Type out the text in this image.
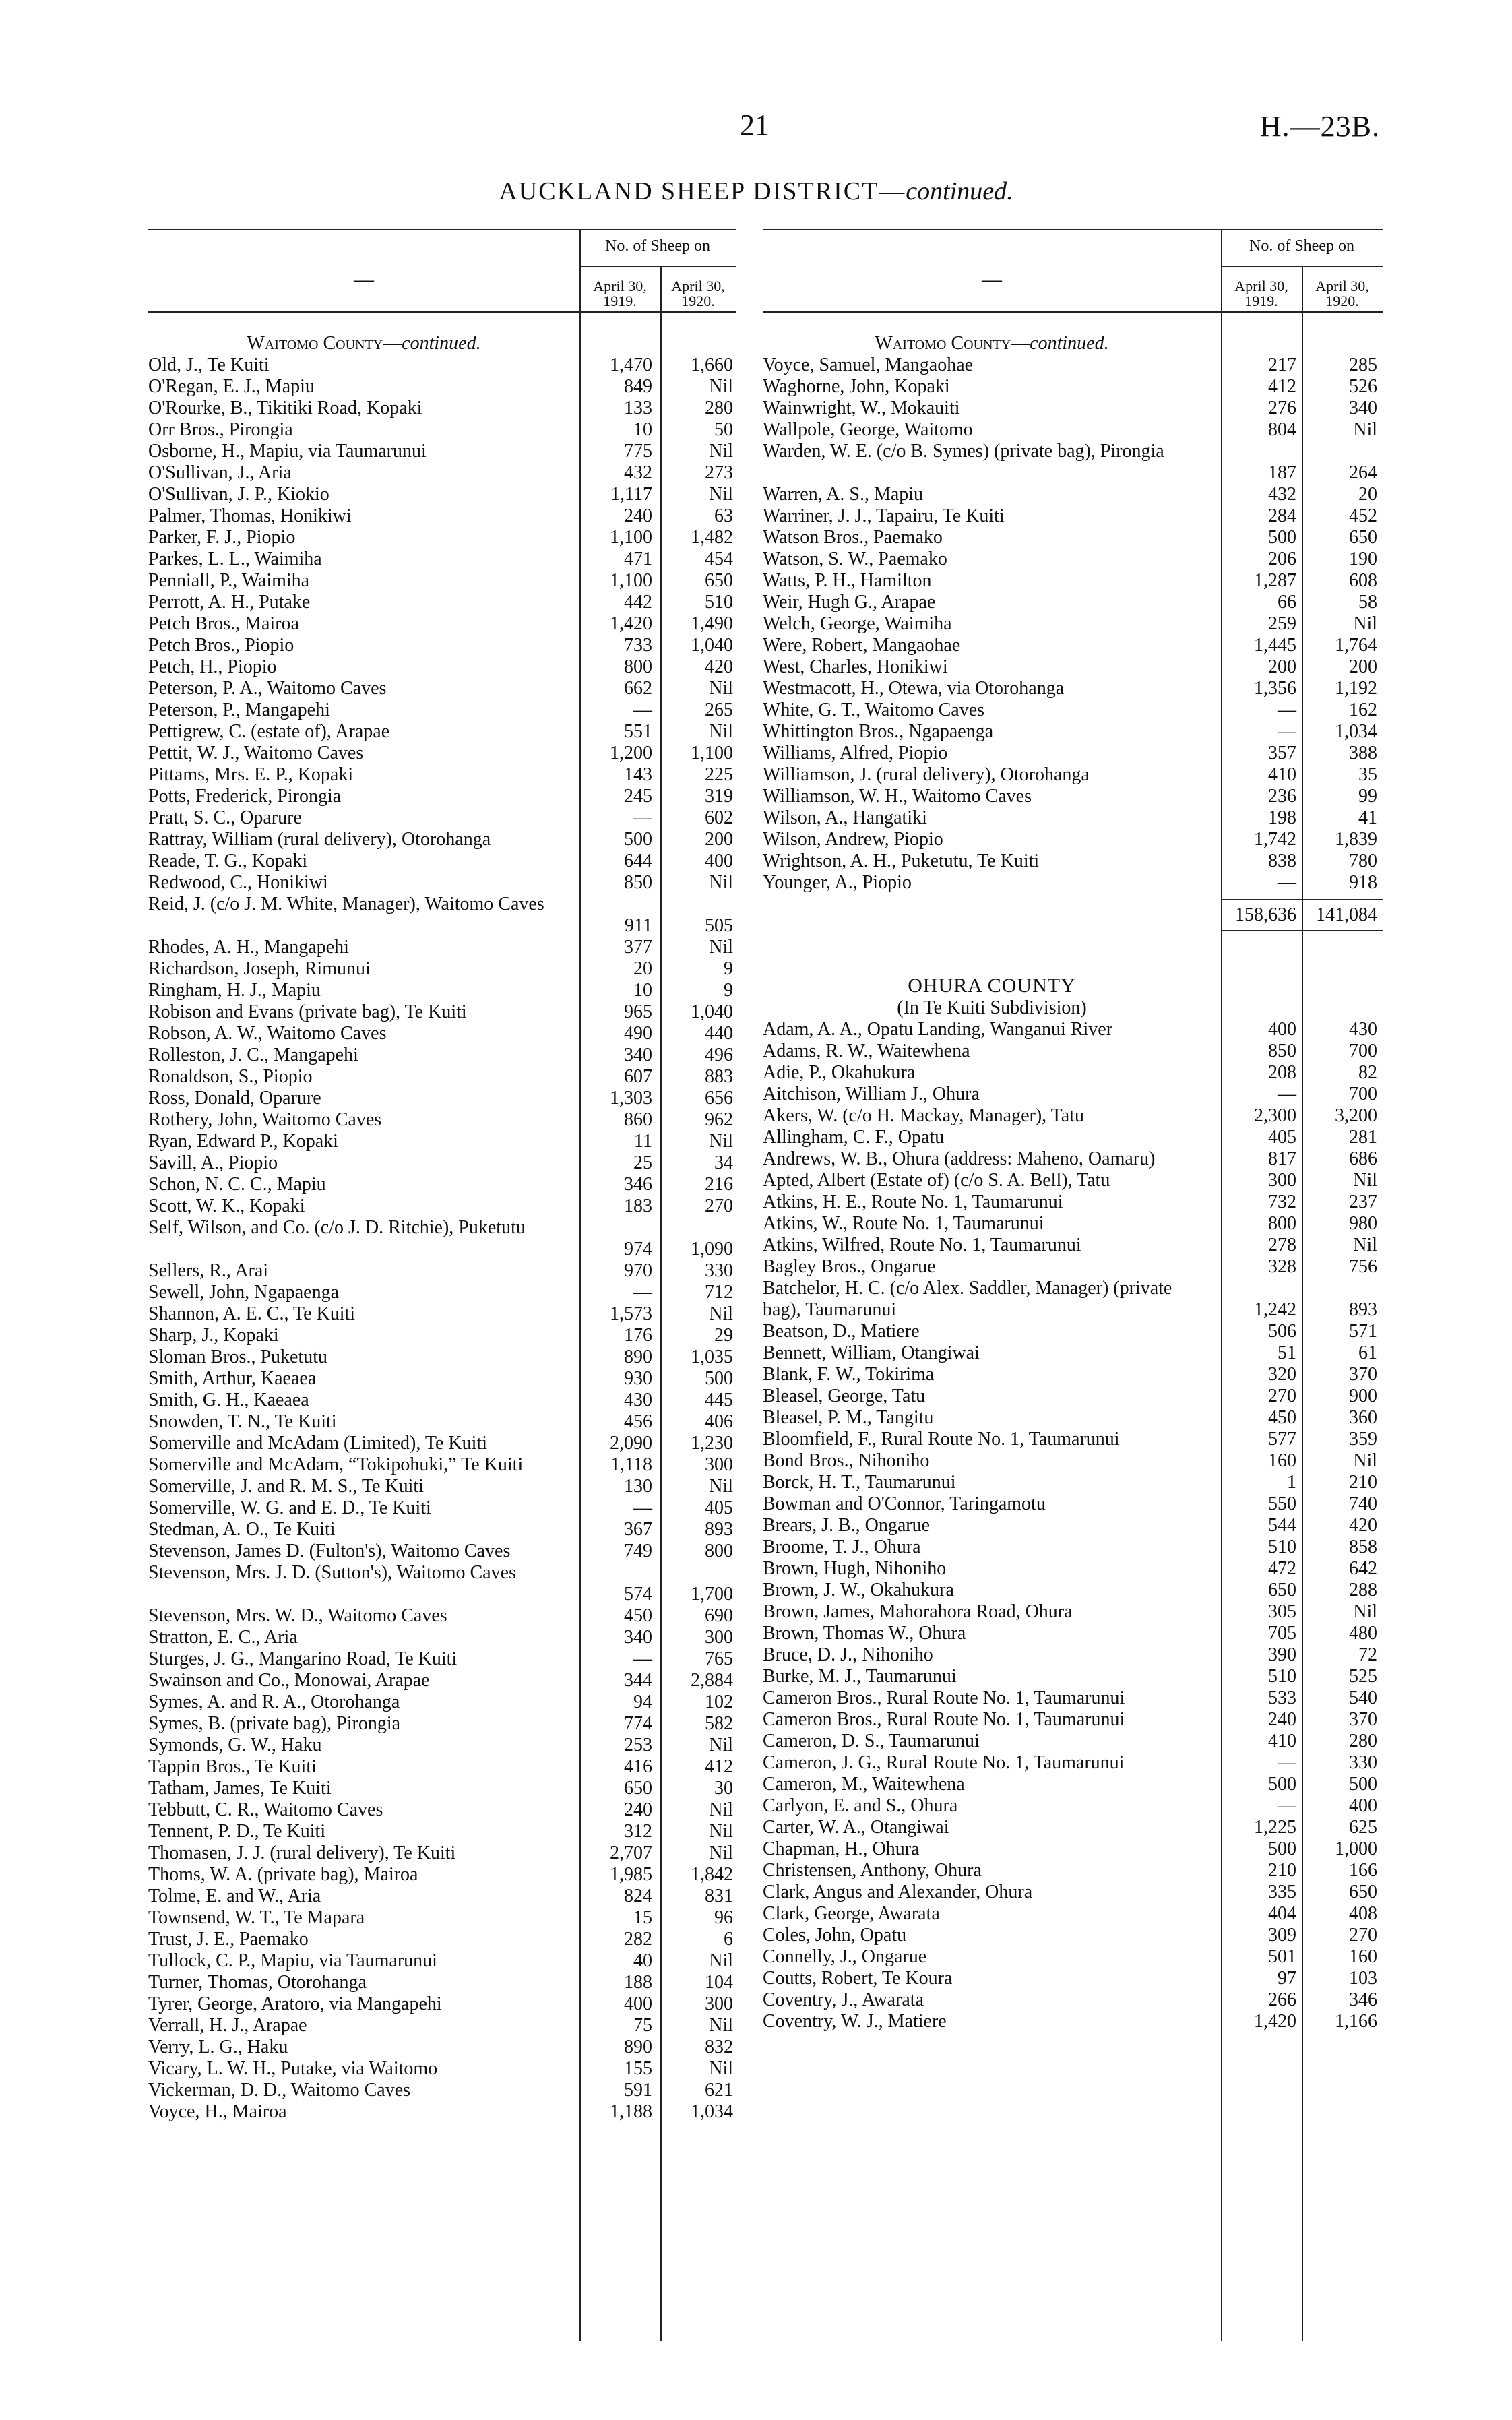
21	H.—23B.
AUCKLAND SHEEP DISTRICT—continued.
—
No. of Sheep on
April 30,
1919.
April 30,
1920.
Waitomo County—continued.
Old, J., Te Kuiti	1,470	1,660
O'Regan, E. J., Mapiu	849	Nil
O'Rourke, B., Tikitiki Road, Kopaki	133	280
Orr Bros., Pirongia	10	50
Osborne, H., Mapiu, via Taumarunui	775	Nil
O'Sullivan, J., Aria	432	273
O'Sullivan, J. P., Kiokio	1,117	Nil
Palmer, Thomas, Honikiwi	240	63
Parker, F. J., Piopio	1,100	1,482
Parkes, L. L., Waimiha	471	454
Penniall, P., Waimiha	1,100	650
Perrott, A. H., Putake	442	510
Petch Bros., Mairoa	1,420	1,490
Petch Bros., Piopio	733	1,040
Petch, H., Piopio	800	420
Peterson, P. A., Waitomo Caves	662	Nil
Peterson, P., Mangapehi	—	265
Pettigrew, C. (estate of), Arapae	551	Nil
Pettit, W. J., Waitomo Caves	1,200	1,100
Pittams, Mrs. E. P., Kopaki	143	225
Potts, Frederick, Pirongia	245	319
Pratt, S. C., Oparure	—	602
Rattray, William (rural delivery), Otorohanga	500	200
Reade, T. G., Kopaki	644	400
Redwood, C., Honikiwi	850	Nil
Reid, J. (c/o J. M. White, Manager), Waitomo Caves
911	505
Rhodes, A. H., Mangapehi	377	Nil
Richardson, Joseph, Rimunui	20	9
Ringham, H. J., Mapiu	10	9
Robison and Evans (private bag), Te Kuiti	965	1,040
Robson, A. W., Waitomo Caves	490	440
Rolleston, J. C., Mangapehi	340	496
Ronaldson, S., Piopio	607	883
Ross, Donald, Oparure	1,303	656
Rothery, John, Waitomo Caves	860	962
Ryan, Edward P., Kopaki	11	Nil
Savill, A., Piopio	25	34
Schon, N. C. C., Mapiu	346	216
Scott, W. K., Kopaki	183	270
Self, Wilson, and Co. (c/o J. D. Ritchie), Puketutu
974	1,090
Sellers, R., Arai	970	330
Sewell, John, Ngapaenga	—	712
Shannon, A. E. C., Te Kuiti	1,573	Nil
Sharp, J., Kopaki	176	29
Sloman Bros., Puketutu	890	1,035
Smith, Arthur, Kaeaea	930	500
Smith, G. H., Kaeaea	430	445
Snowden, T. N., Te Kuiti	456	406
Somerville and McAdam (Limited), Te Kuiti	2,090	1,230
Somerville and McAdam, “Tokipohuki,” Te Kuiti	1,118	300
Somerville, J. and R. M. S., Te Kuiti	130	Nil
Somerville, W. G. and E. D., Te Kuiti	—	405
Stedman, A. O., Te Kuiti	367	893
Stevenson, James D. (Fulton's), Waitomo Caves	749	800
Stevenson, Mrs. J. D. (Sutton's), Waitomo Caves
574	1,700
Stevenson, Mrs. W. D., Waitomo Caves	450	690
Stratton, E. C., Aria	340	300
Sturges, J. G., Mangarino Road, Te Kuiti	—	765
Swainson and Co., Monowai, Arapae	344	2,884
Symes, A. and R. A., Otorohanga	94	102
Symes, B. (private bag), Pirongia	774	582
Symonds, G. W., Haku	253	Nil
Tappin Bros., Te Kuiti	416	412
Tatham, James, Te Kuiti	650	30
Tebbutt, C. R., Waitomo Caves	240	Nil
Tennent, P. D., Te Kuiti	312	Nil
Thomasen, J. J. (rural delivery), Te Kuiti	2,707	Nil
Thoms, W. A. (private bag), Mairoa	1,985	1,842
Tolme, E. and W., Aria	824	831
Townsend, W. T., Te Mapara	15	96
Trust, J. E., Paemako	282	6
Tullock, C. P., Mapiu, via Taumarunui	40	Nil
Turner, Thomas, Otorohanga	188	104
Tyrer, George, Aratoro, via Mangapehi	400	300
Verrall, H. J., Arapae	75	Nil
Verry, L. G., Haku	890	832
Vicary, L. W. H., Putake, via Waitomo	155	Nil
Vickerman, D. D., Waitomo Caves	591	621
Voyce, H., Mairoa	1,188	1,034
—
No. of Sheep on
April 30,
1919.
April 30,
1920.
Waitomo County—continued.
Voyce, Samuel, Mangaohae	217	285
Waghorne, John, Kopaki	412	526
Wainwright, W., Mokauiti	276	340
Wallpole, George, Waitomo	804	Nil
Warden, W. E. (c/o B. Symes) (private bag), Pirongia
187	264
Warren, A. S., Mapiu	432	20
Warriner, J. J., Tapairu, Te Kuiti	284	452
Watson Bros., Paemako	500	650
Watson, S. W., Paemako	206	190
Watts, P. H., Hamilton	1,287	608
Weir, Hugh G., Arapae	66	58
Welch, George, Waimiha	259	Nil
Were, Robert, Mangaohae	1,445	1,764
West, Charles, Honikiwi	200	200
Westmacott, H., Otewa, via Otorohanga	1,356	1,192
White, G. T., Waitomo Caves	—	162
Whittington Bros., Ngapaenga	—	1,034
Williams, Alfred, Piopio	357	388
Williamson, J. (rural delivery), Otorohanga	410	35
Williamson, W. H., Waitomo Caves	236	99
Wilson, A., Hangatiki	198	41
Wilson, Andrew, Piopio	1,742	1,839
Wrightson, A. H., Puketutu, Te Kuiti	838	780
Younger, A., Piopio	—	918
158,636	141,084
OHURA COUNTY
(In Te Kuiti Subdivision)
Adam, A. A., Opatu Landing, Wanganui River	400	430
Adams, R. W., Waitewhena	850	700
Adie, P., Okahukura	208	82
Aitchison, William J., Ohura	—	700
Akers, W. (c/o H. Mackay, Manager), Tatu	2,300	3,200
Allingham, C. F., Opatu	405	281
Andrews, W. B., Ohura (address: Maheno, Oamaru)	817	686
Apted, Albert (Estate of) (c/o S. A. Bell), Tatu	300	Nil
Atkins, H. E., Route No. 1, Taumarunui	732	237
Atkins, W., Route No. 1, Taumarunui	800	980
Atkins, Wilfred, Route No. 1, Taumarunui	278	Nil
Bagley Bros., Ongarue	328	756
Batchelor, H. C. (c/o Alex. Saddler, Manager) (private bag), Taumarunui	1,242	893
Beatson, D., Matiere	506	571
Bennett, William, Otangiwai	51	61
Blank, F. W., Tokirima	320	370
Bleasel, George, Tatu	270	900
Bleasel, P. M., Tangitu	450	360
Bloomfield, F., Rural Route No. 1, Taumarunui	577	359
Bond Bros., Nihoniho	160	Nil
Borck, H. T., Taumarunui	1	210
Bowman and O'Connor, Taringamotu	550	740
Brears, J. B., Ongarue	544	420
Broome, T. J., Ohura	510	858
Brown, Hugh, Nihoniho	472	642
Brown, J. W., Okahukura	650	288
Brown, James, Mahorahora Road, Ohura	305	Nil
Brown, Thomas W., Ohura	705	480
Bruce, D. J., Nihoniho	390	72
Burke, M. J., Taumarunui	510	525
Cameron Bros., Rural Route No. 1, Taumarunui	533	540
Cameron Bros., Rural Route No. 1, Taumarunui	240	370
Cameron, D. S., Taumarunui	410	280
Cameron, J. G., Rural Route No. 1, Taumarunui	—	330
Cameron, M., Waitewhena	500	500
Carlyon, E. and S., Ohura	—	400
Carter, W. A., Otangiwai	1,225	625
Chapman, H., Ohura	500	1,000
Christensen, Anthony, Ohura	210	166
Clark, Angus and Alexander, Ohura	335	650
Clark, George, Awarata	404	408
Coles, John, Opatu	309	270
Connelly, J., Ongarue	501	160
Coutts, Robert, Te Koura	97	103
Coventry, J., Awarata	266	346
Coventry, W. J., Matiere	1,420	1,166
